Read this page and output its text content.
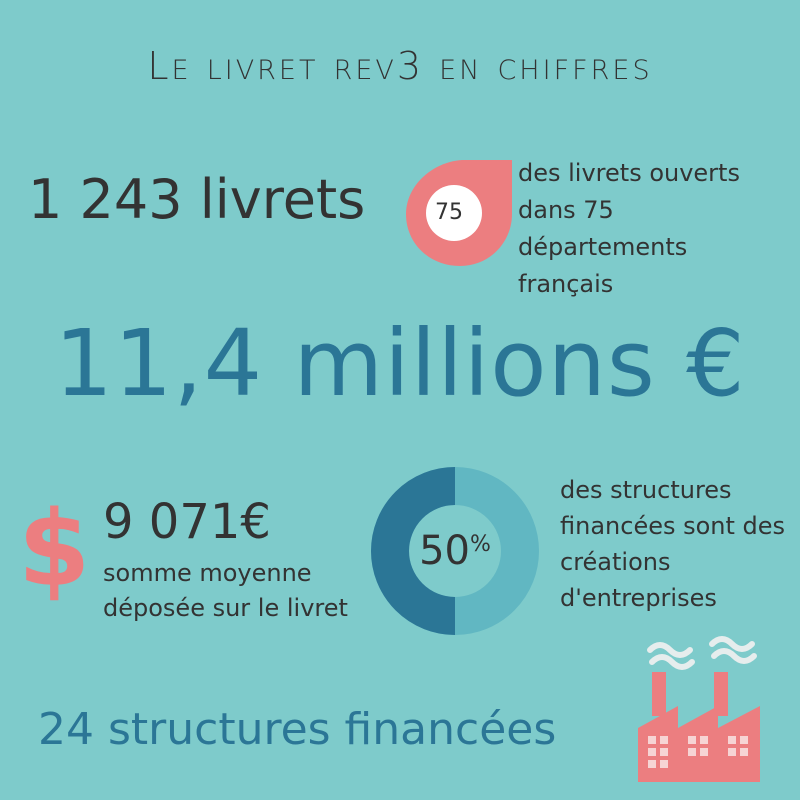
Le livret rev3 en chiffres
1 243 livrets	75
des livrets ouverts dans 75 départements français
11,4 millions €
$ 9 071€
somme moyenne déposée sur le livret
50%
des structures financées sont des créations d'entreprises
24 structures financées
